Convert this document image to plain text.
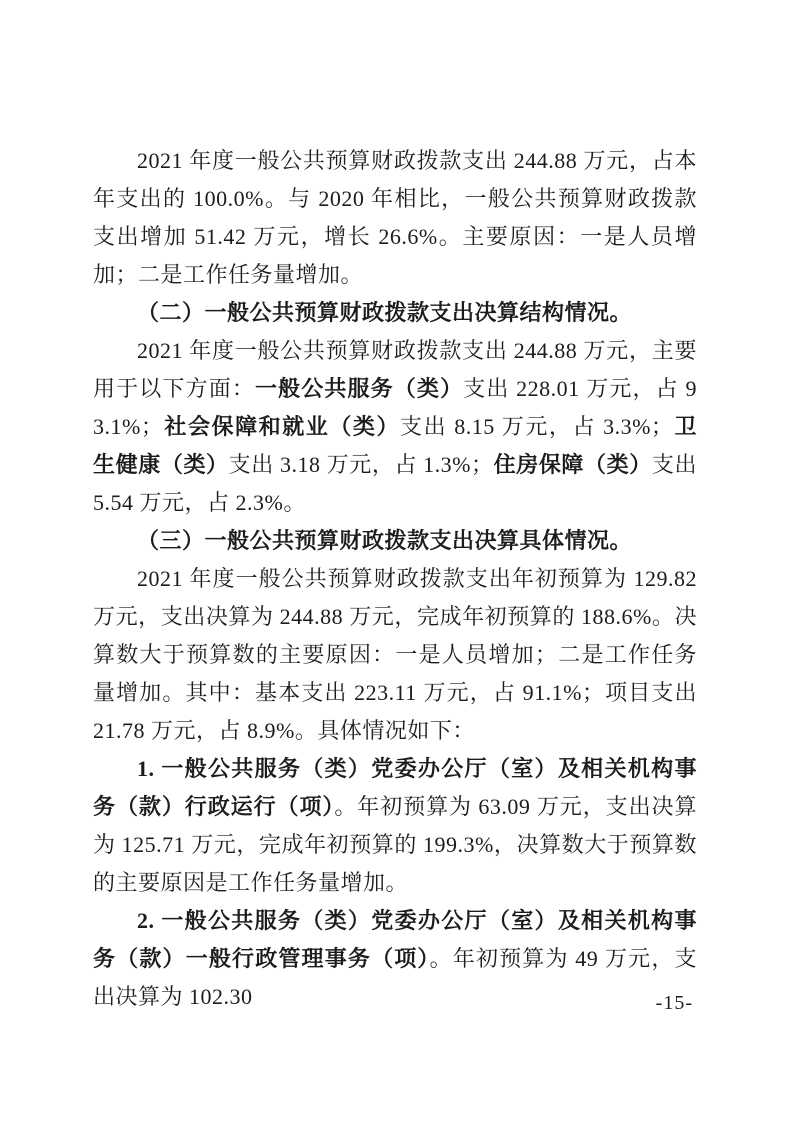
2021 年度一般公共预算财政拨款支出 244.88 万元，占本年支出的 100.0%。与 2020 年相比，一般公共预算财政拨款支出增加 51.42 万元，增长 26.6%。主要原因：一是人员增加；二是工作任务量增加。

（二）一般公共预算财政拨款支出决算结构情况。

2021 年度一般公共预算财政拨款支出 244.88 万元，主要用于以下方面：一般公共服务（类）支出 228.01 万元，占 93.1%；社会保障和就业（类）支出 8.15 万元，占 3.3%；卫生健康（类）支出 3.18 万元，占 1.3%；住房保障（类）支出 5.54 万元，占 2.3%。

（三）一般公共预算财政拨款支出决算具体情况。

2021 年度一般公共预算财政拨款支出年初预算为 129.82 万元，支出决算为 244.88 万元，完成年初预算的 188.6%。决算数大于预算数的主要原因：一是人员增加；二是工作任务量增加。其中：基本支出 223.11 万元，占 91.1%；项目支出 21.78 万元，占 8.9%。具体情况如下：

1. 一般公共服务（类）党委办公厅（室）及相关机构事务（款）行政运行（项）。年初预算为 63.09 万元，支出决算为 125.71 万元，完成年初预算的 199.3%，决算数大于预算数的主要原因是工作任务量增加。

2. 一般公共服务（类）党委办公厅（室）及相关机构事务（款）一般行政管理事务（项）。年初预算为 49 万元，支出决算为 102.30	-15-
